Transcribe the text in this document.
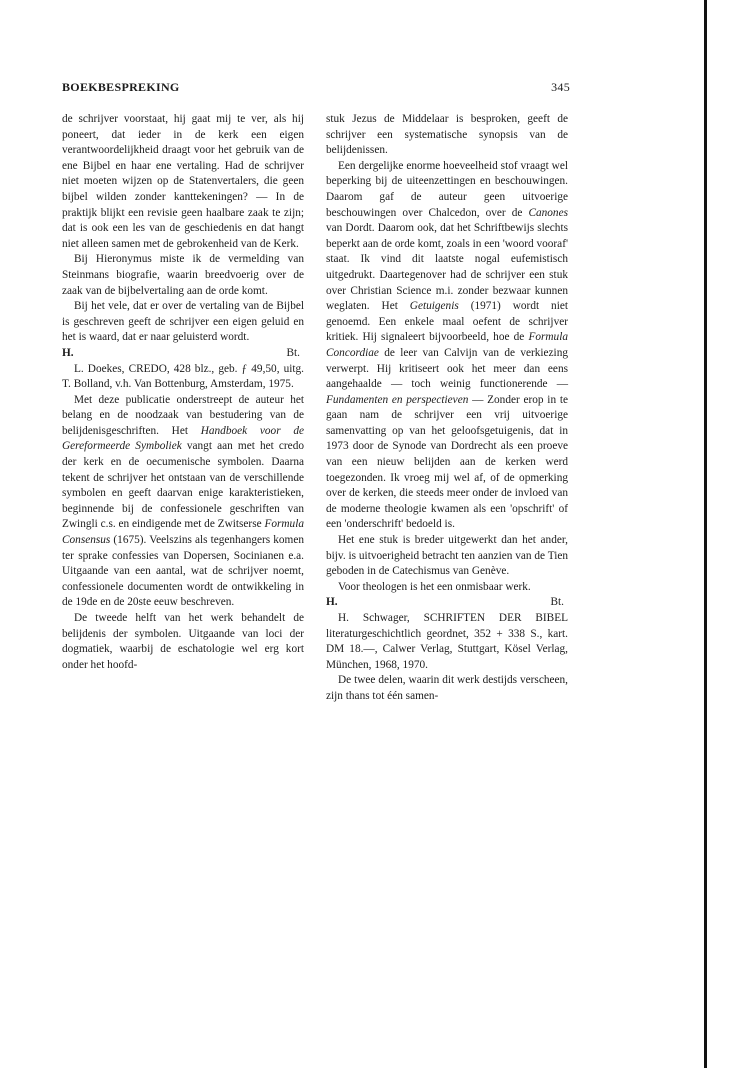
BOEKBESPREKING	345

de schrijver voorstaat, hij gaat mij te ver, als hij poneert, dat ieder in de kerk een eigen verantwoordelijkheid draagt voor het gebruik van de ene Bijbel en haar ene vertaling. Had de schrijver niet moeten wijzen op de Statenvertalers, die geen bijbel wilden zonder kanttekeningen? — In de praktijk blijkt een revisie geen haalbare zaak te zijn; dat is ook een les van de geschiedenis en dat hangt niet alleen samen met de gebrokenheid van de Kerk.

Bij Hieronymus miste ik de vermelding van Steinmans biografie, waarin breedvoerig over de zaak van de bijbelvertaling aan de orde komt.

Bij het vele, dat er over de vertaling van de Bijbel is geschreven geeft de schrijver een eigen geluid en het is waard, dat er naar geluisterd wordt.

H.	Bt.

L. Doekes, CREDO, 428 blz., geb. ƒ 49,50, uitg. T. Bolland, v.h. Van Bottenburg, Amsterdam, 1975.

Met deze publicatie onderstreept de auteur het belang en de noodzaak van bestudering van de belijdenisgeschriften. Het Handboek voor de Gereformeerde Symboliek vangt aan met het credo der kerk en de oecumenische symbolen. Daarna tekent de schrijver het ontstaan van de verschillende symbolen en geeft daarvan enige karakteristieken, beginnende bij de confessionele geschriften van Zwingli c.s. en eindigende met de Zwitserse Formula Consensus (1675). Veelszins als tegenhangers komen ter sprake confessies van Dopersen, Socinianen e.a. Uitgaande van een aantal, wat de schrijver noemt, confessionele documenten wordt de ontwikkeling in de 19de en de 20ste eeuw beschreven.

De tweede helft van het werk behandelt de belijdenis der symbolen. Uitgaande van loci der dogmatiek, waarbij de eschatologie wel erg kort onder het hoofd-

stuk Jezus de Middelaar is besproken, geeft de schrijver een systematische synopsis van de belijdenissen.

Een dergelijke enorme hoeveelheid stof vraagt wel beperking bij de uiteenzettingen en beschouwingen. Daarom gaf de auteur geen uitvoerige beschouwingen over Chalcedon, over de Canones van Dordt. Daarom ook, dat het Schriftbewijs slechts beperkt aan de orde komt, zoals in een 'woord vooraf' staat. Ik vind dit laatste nogal eufemistisch uitgedrukt. Daartegenover had de schrijver een stuk over Christian Science m.i. zonder bezwaar kunnen weglaten. Het Getuigenis (1971) wordt niet genoemd. Een enkele maal oefent de schrijver kritiek. Hij signaleert bijvoorbeeld, hoe de Formula Concordiae de leer van Calvijn van de verkiezing verwerpt. Hij kritiseert ook het meer dan eens aangehaalde — toch weinig functionerende — Fundamenten en perspectieven — Zonder erop in te gaan nam de schrijver een vrij uitvoerige samenvatting op van het geloofsgetuigenis, dat in 1973 door de Synode van Dordrecht als een proeve van een nieuw belijden aan de kerken werd toegezonden. Ik vroeg mij wel af, of de opmerking over de kerken, die steeds meer onder de invloed van de moderne theologie kwamen als een 'opschrift' of een 'onderschrift' bedoeld is.

Het ene stuk is breder uitgewerkt dan het ander, bijv. is uitvoerigheid betracht ten aanzien van de Tien geboden in de Catechismus van Genève.

Voor theologen is het een onmisbaar werk.

H.	Bt.

H. Schwager, SCHRIFTEN DER BIBEL literaturgeschichtlich geordnet, 352 + 338 S., kart. DM 18.—, Calwer Verlag, Stuttgart, Kösel Verlag, München, 1968, 1970.

De twee delen, waarin dit werk destijds verscheen, zijn thans tot één samen-
